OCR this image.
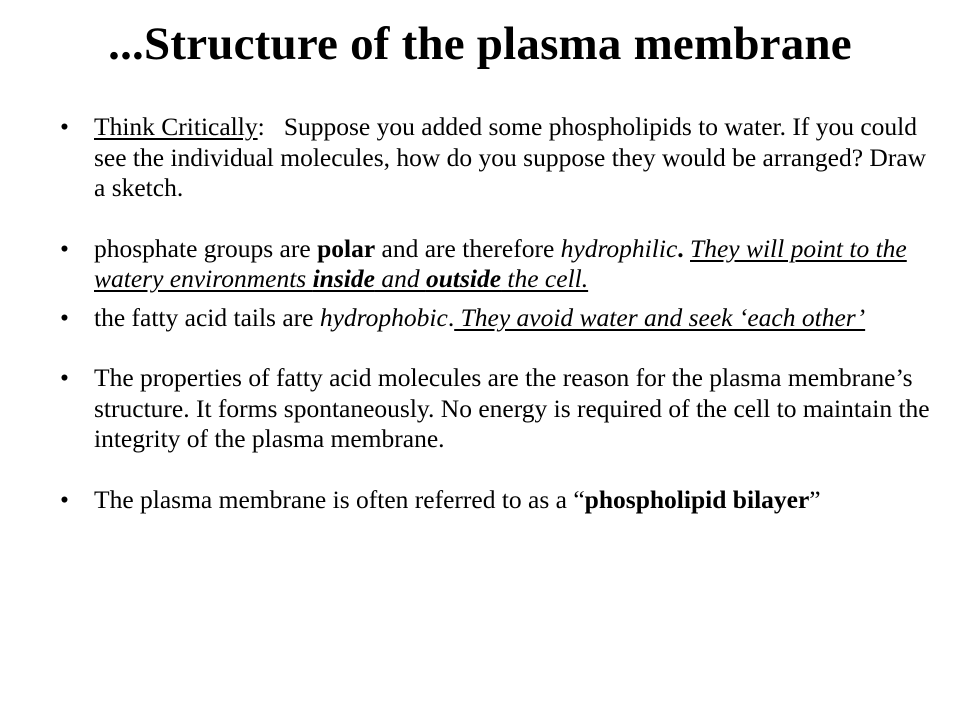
...Structure of the plasma membrane
• Think Critically: Suppose you added some phospholipids to water. If you could see the individual molecules, how do you suppose they would be arranged? Draw a sketch.
• phosphate groups are polar and are therefore hydrophilic. They will point to the watery environments inside and outside the cell.
• the fatty acid tails are hydrophobic. They avoid water and seek ‘each other’
• The properties of fatty acid molecules are the reason for the plasma membrane’s structure. It forms spontaneously. No energy is required of the cell to maintain the integrity of the plasma membrane.
• The plasma membrane is often referred to as a “phospholipid bilayer”
